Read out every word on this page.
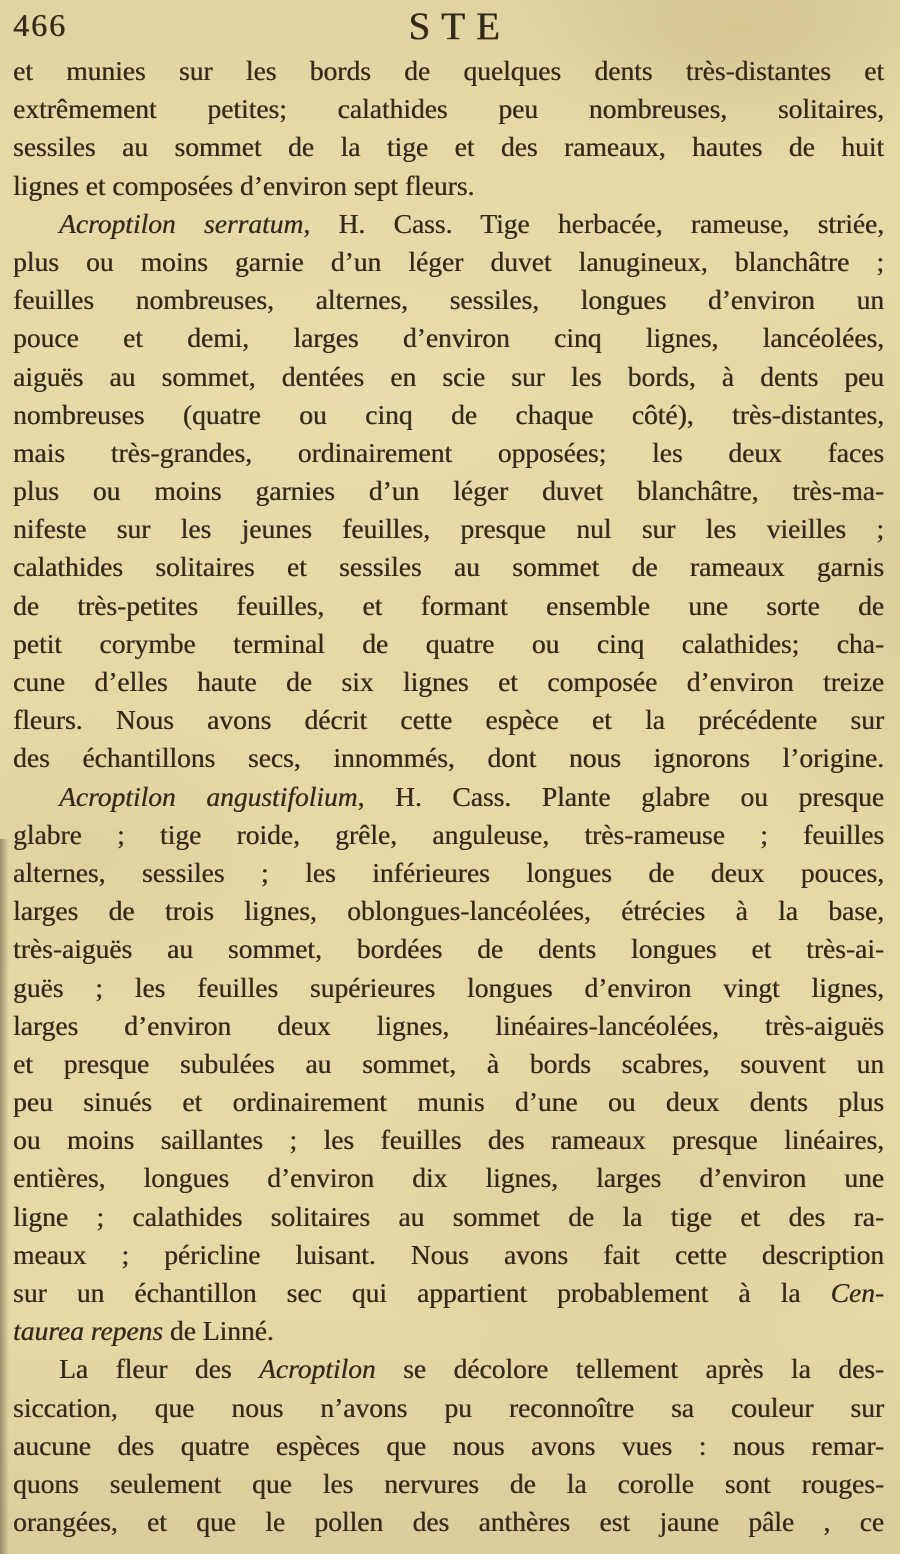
466	STE
et munies sur les bords de quelques dents très-distantes et
extrêmement petites; calathides peu nombreuses, solitaires,
sessiles au sommet de la tige et des rameaux, hautes de huit
lignes et composées d’environ sept fleurs.
Acroptilon serratum, H. Cass. Tige herbacée, rameuse, striée,
plus ou moins garnie d’un léger duvet lanugineux, blanchâtre ;
feuilles nombreuses, alternes, sessiles, longues d’environ un
pouce et demi, larges d’environ cinq lignes, lancéolées,
aiguës au sommet, dentées en scie sur les bords, à dents peu
nombreuses (quatre ou cinq de chaque côté), très-distantes,
mais très-grandes, ordinairement opposées; les deux faces
plus ou moins garnies d’un léger duvet blanchâtre, très-ma-
nifeste sur les jeunes feuilles, presque nul sur les vieilles ;
calathides solitaires et sessiles au sommet de rameaux garnis
de très-petites feuilles, et formant ensemble une sorte de
petit corymbe terminal de quatre ou cinq calathides; cha-
cune d’elles haute de six lignes et composée d’environ treize
fleurs. Nous avons décrit cette espèce et la précédente sur
des échantillons secs, innommés, dont nous ignorons l’origine.
Acroptilon angustifolium, H. Cass. Plante glabre ou presque
glabre ; tige roide, grêle, anguleuse, très-rameuse ; feuilles
alternes, sessiles ; les inférieures longues de deux pouces,
larges de trois lignes, oblongues-lancéolées, étrécies à la base,
très-aiguës au sommet, bordées de dents longues et très-ai-
guës ; les feuilles supérieures longues d’environ vingt lignes,
larges d’environ deux lignes, linéaires-lancéolées, très-aiguës
et presque subulées au sommet, à bords scabres, souvent un
peu sinués et ordinairement munis d’une ou deux dents plus
ou moins saillantes ; les feuilles des rameaux presque linéaires,
entières, longues d’environ dix lignes, larges d’environ une
ligne ; calathides solitaires au sommet de la tige et des ra-
meaux ; péricline luisant. Nous avons fait cette description
sur un échantillon sec qui appartient probablement à la Cen-
taurea repens de Linné.
La fleur des Acroptilon se décolore tellement après la des-
siccation, que nous n’avons pu reconnoître sa couleur sur
aucune des quatre espèces que nous avons vues : nous remar-
quons seulement que les nervures de la corolle sont rouges-
orangées, et que le pollen des anthères est jaune pâle , ce
